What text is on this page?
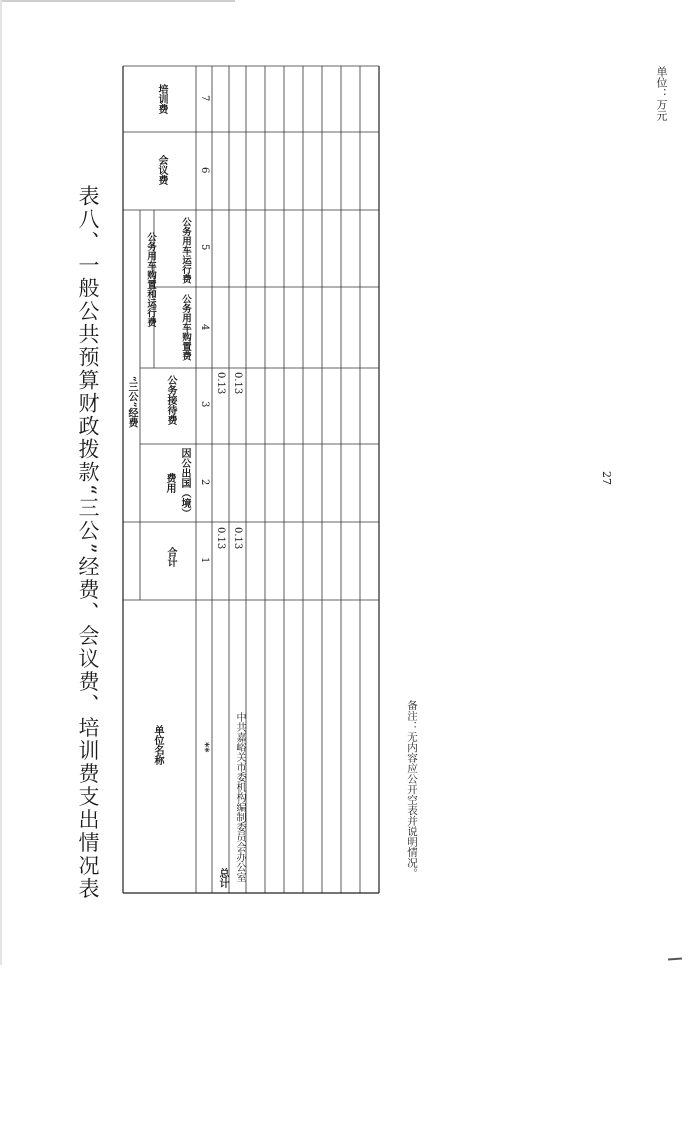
表八、一般公共预算财政拨款“三公”经费、会议费、培训费支出情况表
单位：万元
单位名称
“三公”经费
合计
因公出国（境）费用
公务接待费
公务用车购置和运行费	公务用车购置费
公务用车运行费
会议费
培训费
**
1
2
3
4
5
6
7
总计
0.13
0.13
中共嘉峪关市委机构编制委员会办公室
0.13
0.13
备注：无内容应公开空表并说明情况。
27
